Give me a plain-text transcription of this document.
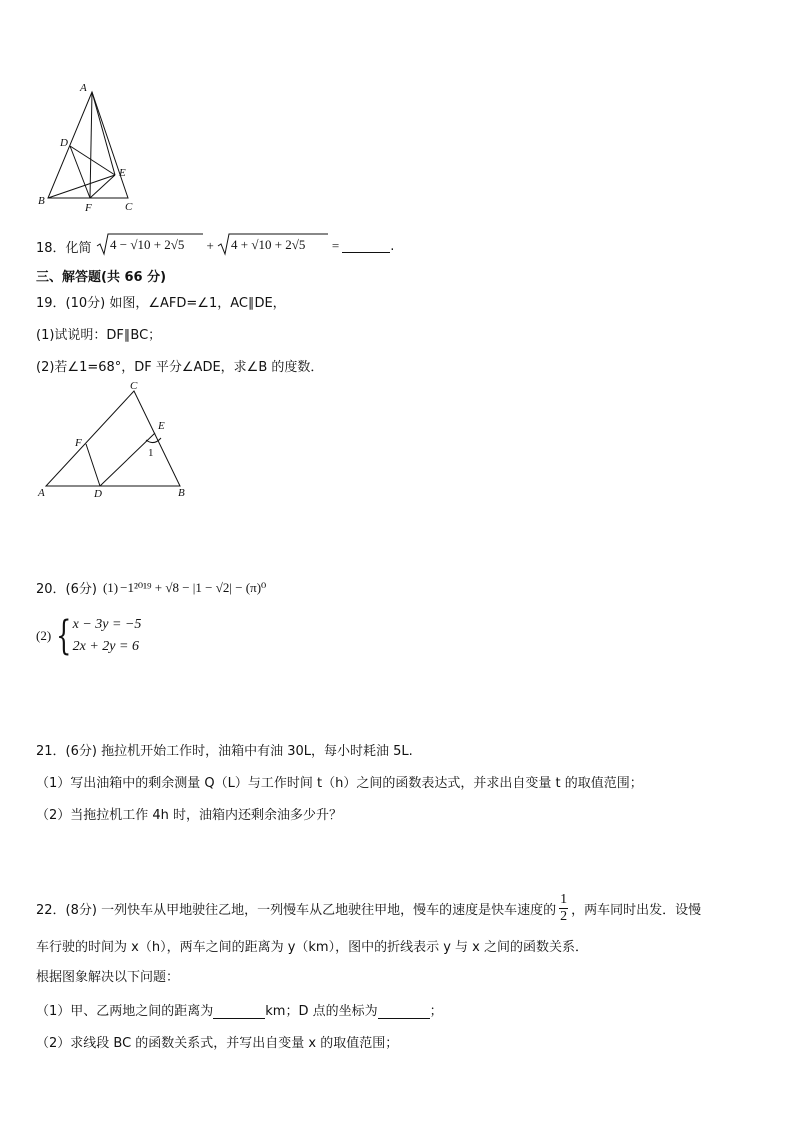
A
D
E
B
F	C
18．化简 4 − √10 + 2√5 + 4 + √10 + 2√5 =	.
三、解答题(共 66 分)
19．(10分) 如图，∠AFD=∠1，AC∥DE，
(1)试说明：DF∥BC；
(2)若∠1=68°，DF 平分∠ADE，求∠B 的度数．
C
E
F
1
A	D	B
20．(6分) (1) −1²⁰¹⁹ + √8 − |1 − √2| − (π)⁰
(2) { x − 3y = −5
2x + 2y = 6
21．(6分) 拖拉机开始工作时，油箱中有油 30L，每小时耗油 5L.
（1）写出油箱中的剩余测量 Q（L）与工作时间 t（h）之间的函数表达式，并求出自变量 t 的取值范围；
（2）当拖拉机工作 4h 时，油箱内还剩余油多少升？
22．(8分) 一列快车从甲地驶往乙地，一列慢车从乙地驶往甲地，慢车的速度是快车速度的 $\frac{1}{2}$ ，两车同时出发．设慢
车行驶的时间为 x（h），两车之间的距离为 y（km），图中的折线表示 y 与 x 之间的函数关系．
根据图象解决以下问题：
（1）甲、乙两地之间的距离为	km；D 点的坐标为	；
（2）求线段 BC 的函数关系式，并写出自变量 x 的取值范围；
